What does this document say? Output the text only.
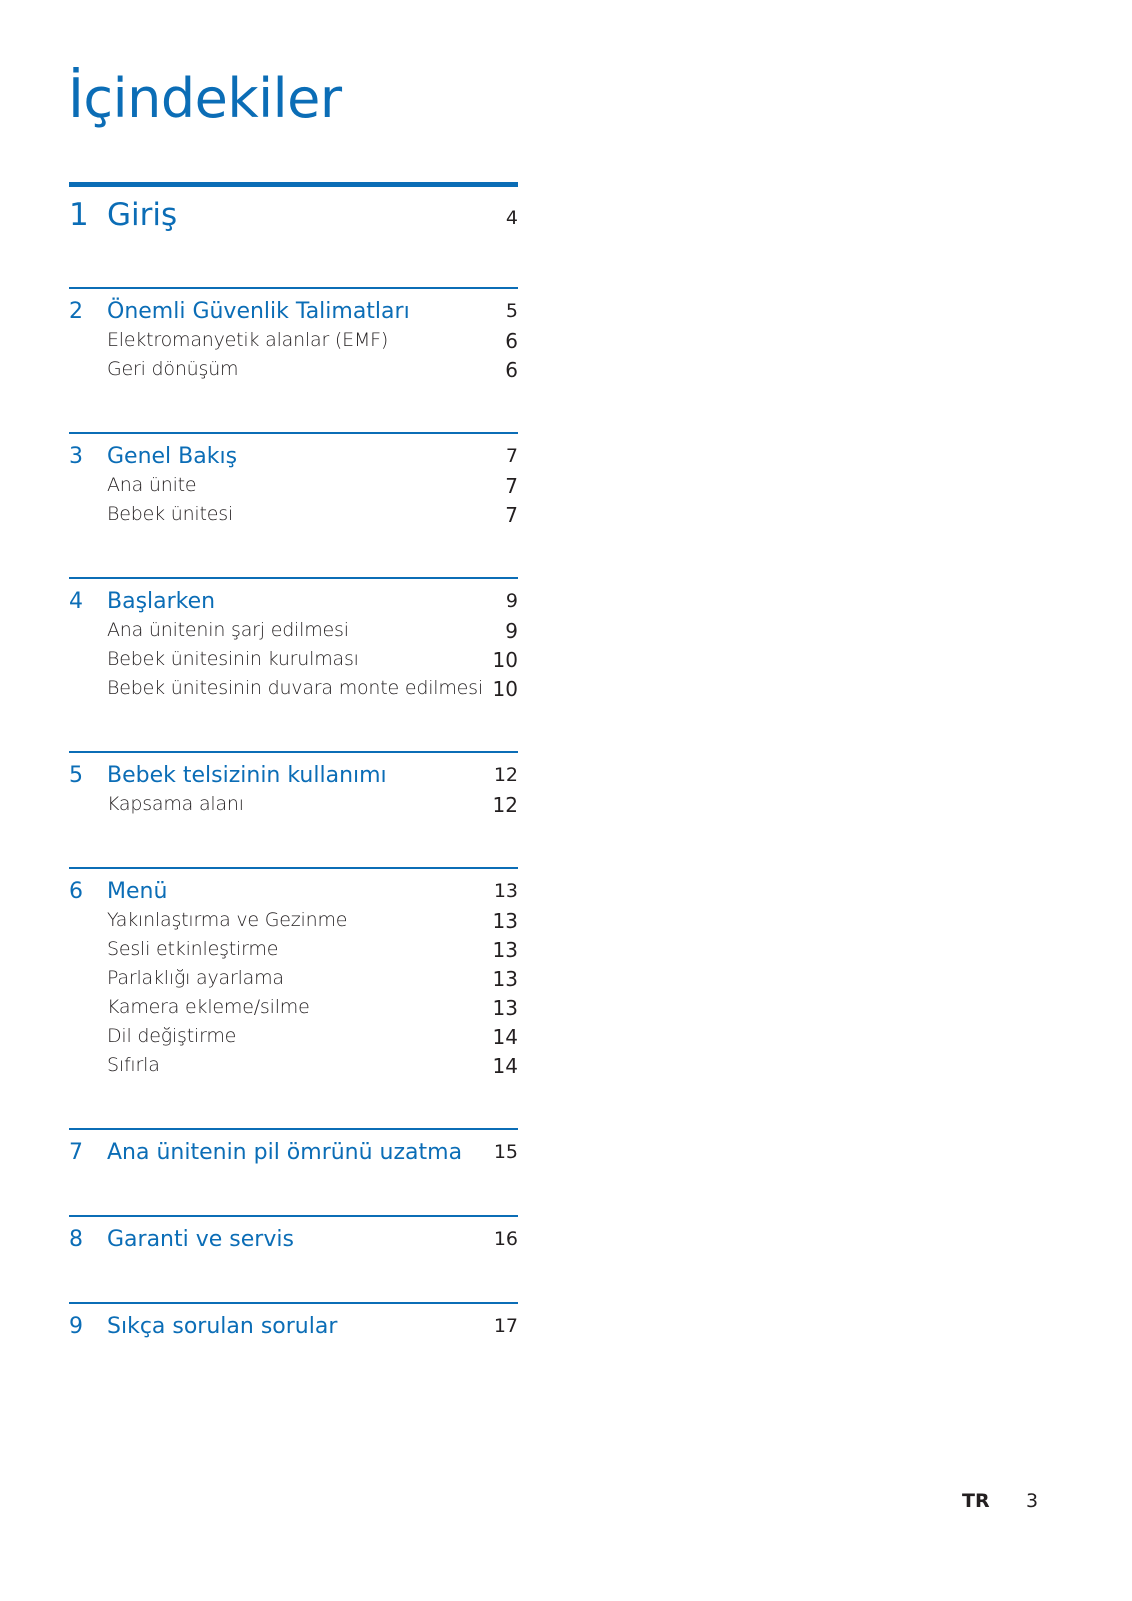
İçindekiler
1 Giriş	4
2	Önemli Güvenlik Talimatları	5
Elektromanyetik alanlar (EMF)	6
Geri dönüşüm	6
3	Genel Bakış	7
Ana ünite	7
Bebek ünitesi	7
4	Başlarken	9
Ana ünitenin şarj edilmesi	9
Bebek ünitesinin kurulması	10
Bebek ünitesinin duvara monte edilmesi 10
5	Bebek telsizinin kullanımı	12
Kapsama alanı	12
6	Menü	13
Yakınlaştırma ve Gezinme	13
Sesli etkinleştirme	13
Parlaklığı ayarlama	13
Kamera ekleme/silme	13
Dil değiştirme	14
Sıfırla	14
7	Ana ünitenin pil ömrünü uzatma 15
8	Garanti ve servis	16
9	Sıkça sorulan sorular	17
TR 3
